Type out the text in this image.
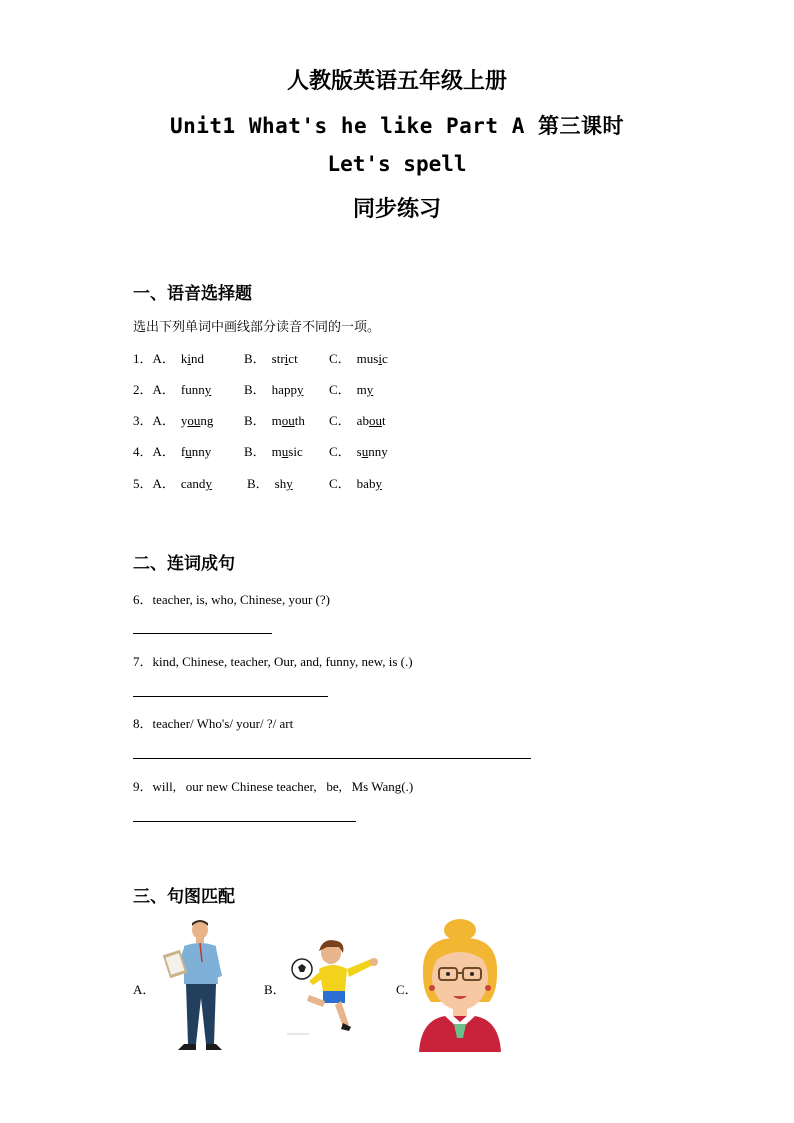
人教版英语五年级上册
Unit1 What's he like Part A 第三课时
Let's spell
同步练习
一、语音选择题
选出下列单词中画线部分读音不同的一项。
1．A． kind	B． strict C． music
2．A． funny	B． happy C． my
3．A． young B． mouth C． about
4．A． funny	B． music C． sunny
5．A． candy	B． shy	C． baby
二、连词成句
6．teacher, is, who, Chinese, your (?)
7．kind, Chinese, teacher, Our, and, funny, new, is (.)
8．teacher/ Who's/ your/ ?/ art
9．will,   our new Chinese teacher,   be,   Ms Wang(.)
三、句图匹配
A．	B．	C．
